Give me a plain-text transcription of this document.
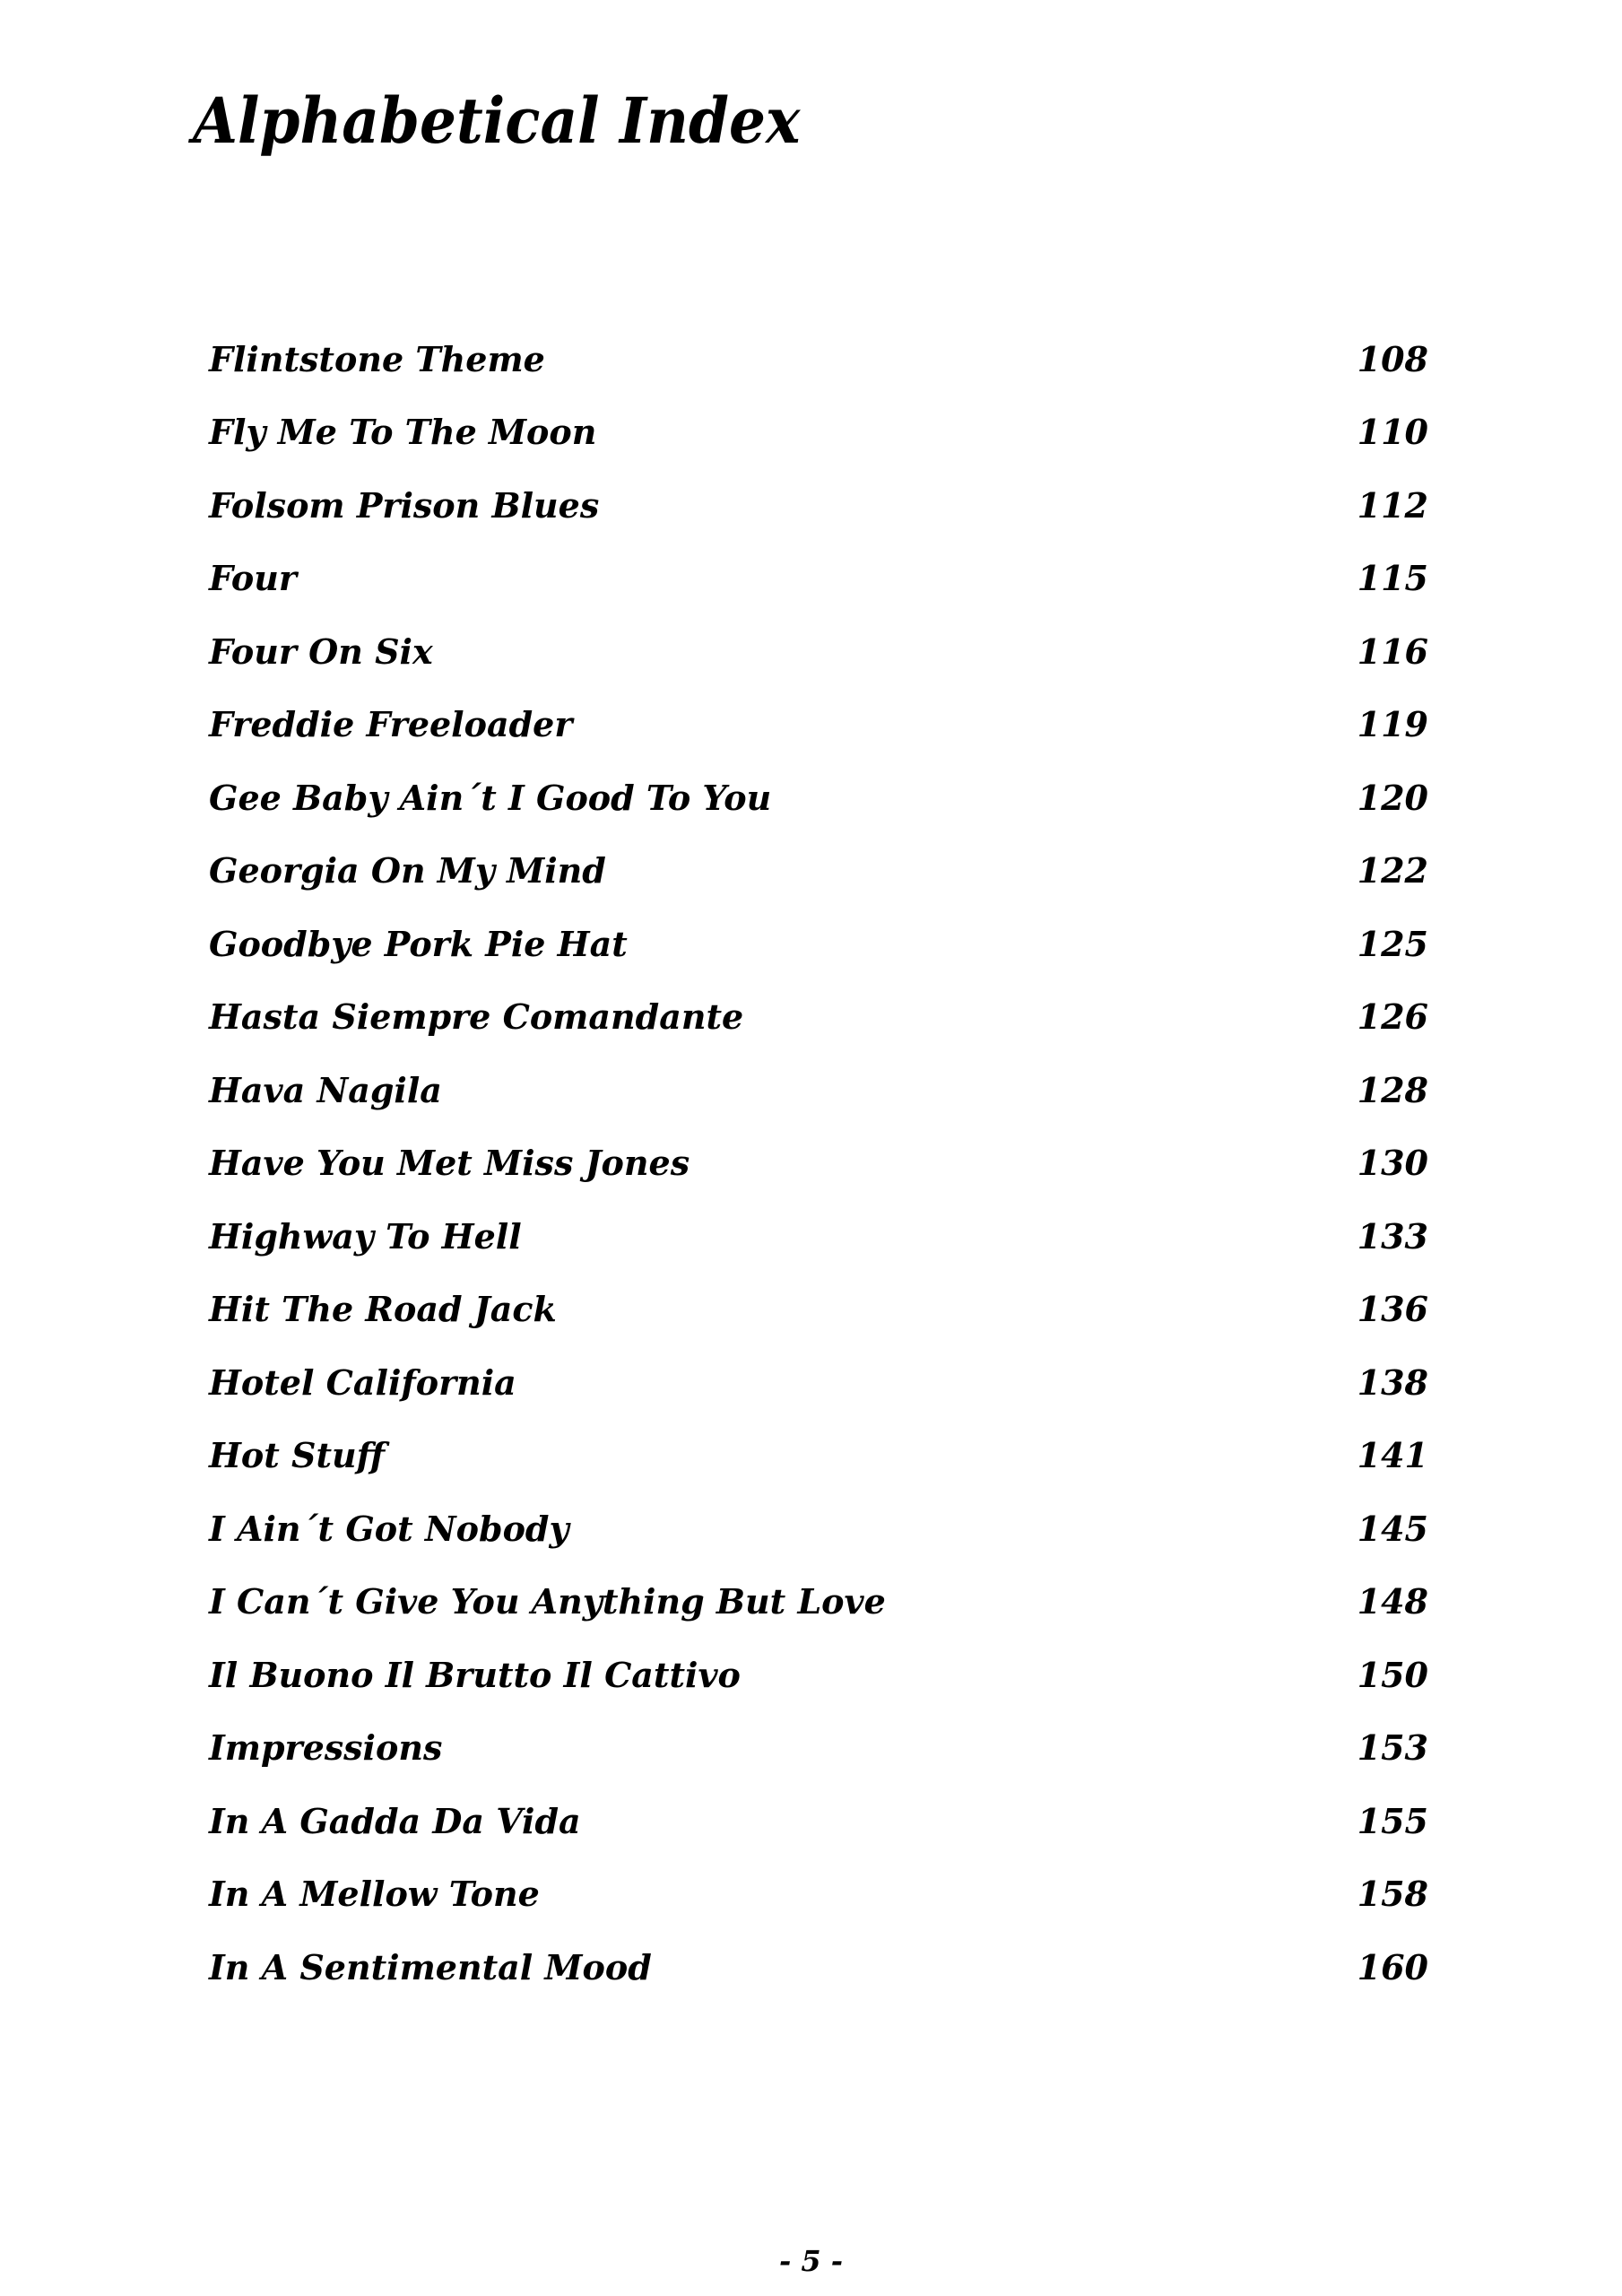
Alphabetical Index
Flintstone Theme	108
Fly Me To The Moon	110
Folsom Prison Blues	112
Four	115
Four On Six	116
Freddie Freeloader	119
Gee Baby Ain´t I Good To You	120
Georgia On My Mind	122
Goodbye Pork Pie Hat	125
Hasta Siempre Comandante	126
Hava Nagila	128
Have You Met Miss Jones	130
Highway To Hell	133
Hit The Road Jack	136
Hotel California	138
Hot Stuff	141
I Ain´t Got Nobody	145
I Can´t Give You Anything But Love	148
Il Buono Il Brutto Il Cattivo	150
Impressions	153
In A Gadda Da Vida	155
In A Mellow Tone	158
In A Sentimental Mood	160
- 5 -
